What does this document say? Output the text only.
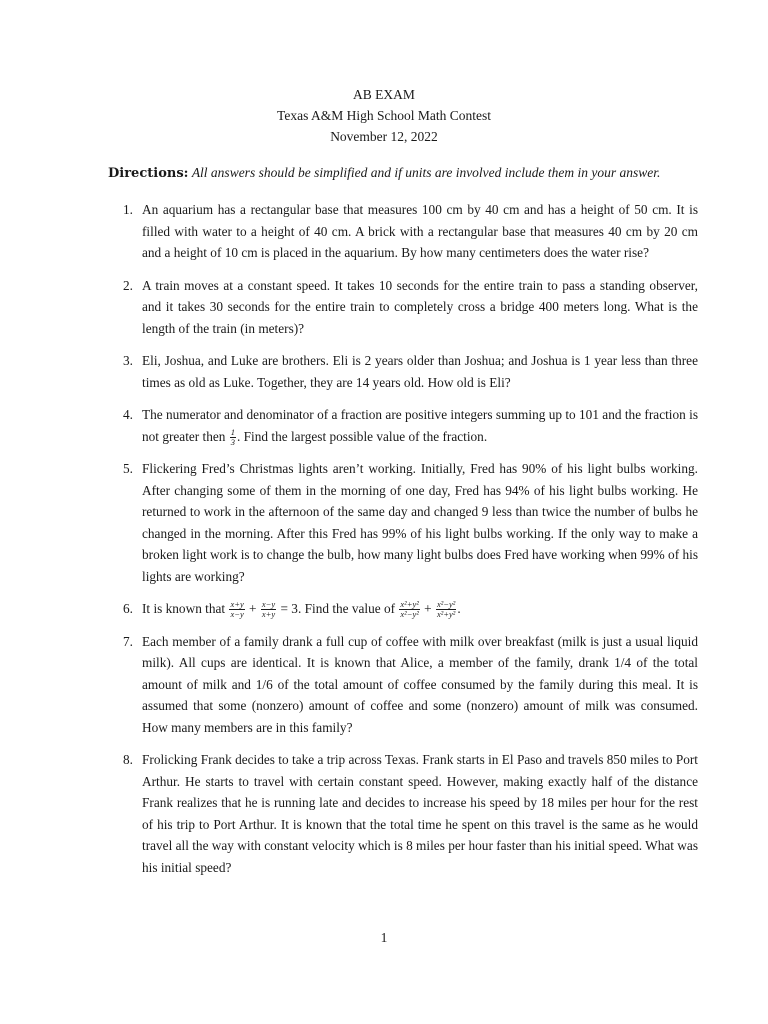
AB EXAM
Texas A&M High School Math Contest
November 12, 2022
Directions: All answers should be simplified and if units are involved include them in your answer.
1. An aquarium has a rectangular base that measures 100 cm by 40 cm and has a height of 50 cm. It is filled with water to a height of 40 cm. A brick with a rectangular base that measures 40 cm by 20 cm and a height of 10 cm is placed in the aquarium. By how many centimeters does the water rise?
2. A train moves at a constant speed. It takes 10 seconds for the entire train to pass a standing observer, and it takes 30 seconds for the entire train to completely cross a bridge 400 meters long. What is the length of the train (in meters)?
3. Eli, Joshua, and Luke are brothers. Eli is 2 years older than Joshua; and Joshua is 1 year less than three times as old as Luke. Together, they are 14 years old. How old is Eli?
4. The numerator and denominator of a fraction are positive integers summing up to 101 and the fraction is not greater then $\frac{1}{3}$ . Find the largest possible value of the fraction.
5. Flickering Fred’s Christmas lights aren’t working. Initially, Fred has 90% of his light bulbs working. After changing some of them in the morning of one day, Fred has 94% of his light bulbs working. He returned to work in the afternoon of the same day and changed 9 less than twice the number of bulbs he changed in the morning. After this Fred has 99% of his light bulbs working. If the only way to make a broken light work is to change the bulb, how many light bulbs does Fred have working when 99% of his lights are working?
6. It is known that $\frac{x+y}{x-y} + \frac{x-y}{x+y} = 3$. Find the value of $\frac{\text{x²+y²}}{\text{x²−y²}} + \frac{\text{x²−y²}}{\text{x²+y²}}$ .
7. Each member of a family drank a full cup of coffee with milk over breakfast (milk is just a usual liquid milk). All cups are identical. It is known that Alice, a member of the family, drank 1/4 of the total amount of milk and 1/6 of the total amount of coffee consumed by the family during this meal. It is assumed that some (nonzero) amount of coffee and some (nonzero) amount of milk was consumed. How many members are in this family?
8. Frolicking Frank decides to take a trip across Texas. Frank starts in El Paso and travels 850 miles to Port Arthur. He starts to travel with certain constant speed. However, making exactly half of the distance Frank realizes that he is running late and decides to increase his speed by 18 miles per hour for the rest of his trip to Port Arthur. It is known that the total time he spent on this travel is the same as he would travel all the way with constant velocity which is 8 miles per hour faster than his initial speed. What was his initial speed?
1
